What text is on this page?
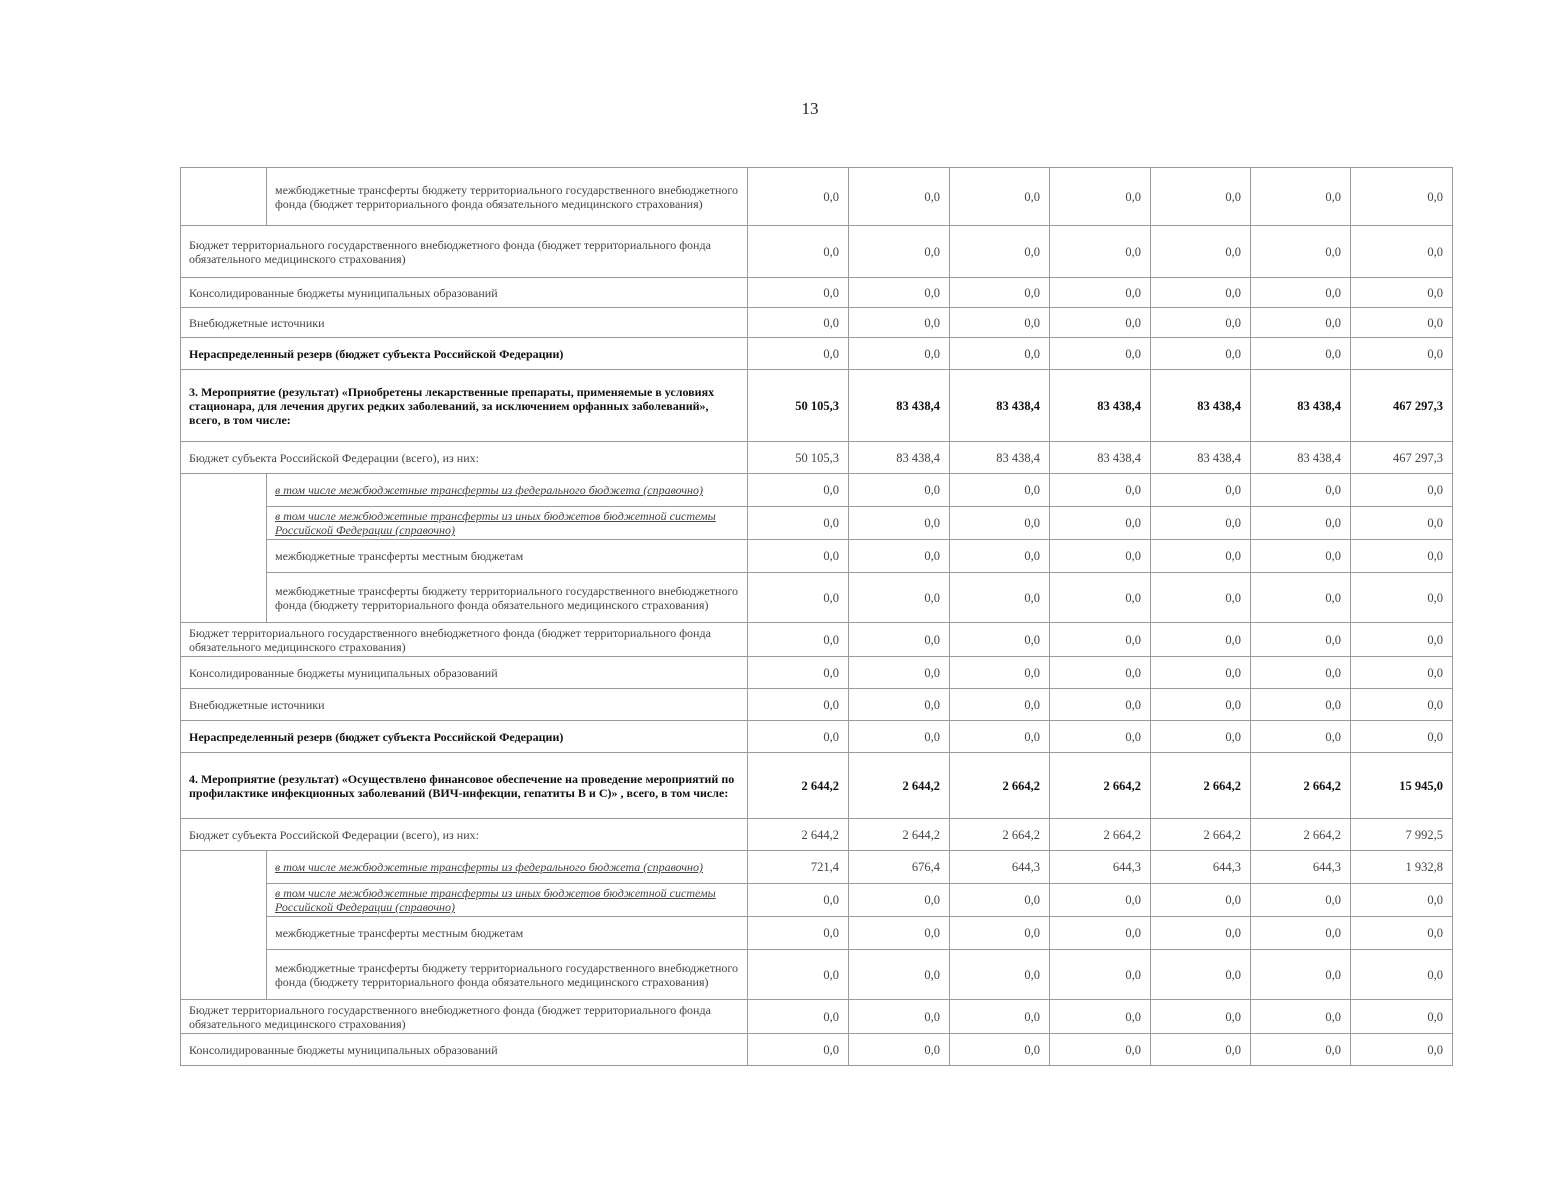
13
	межбюджетные трансферты бюджету территориального государственного внебюджетного фонда (бюджет территориального фонда обязательного медицинского страхования)	0,0	0,0	0,0	0,0	0,0	0,0	0,0
Бюджет территориального государственного внебюджетного фонда (бюджет территориального фонда обязательного медицинского страхования)		0,0	0,0	0,0	0,0	0,0	0,0	0,0
Консолидированные бюджеты муниципальных образований		0,0	0,0	0,0	0,0	0,0	0,0	0,0
Внебюджетные источники		0,0	0,0	0,0	0,0	0,0	0,0	0,0
Нераспределенный резерв (бюджет субъекта Российской Федерации)		0,0	0,0	0,0	0,0	0,0	0,0	0,0
3. Мероприятие (результат) «Приобретены лекарственные препараты, применяемые в условиях стационара, для лечения других редких заболеваний, за исключением орфанных заболеваний», всего, в том числе:		50 105,3	83 438,4	83 438,4	83 438,4	83 438,4	83 438,4	467 297,3
Бюджет субъекта Российской Федерации (всего), из них:		50 105,3	83 438,4	83 438,4	83 438,4	83 438,4	83 438,4	467 297,3
	в том числе межбюджетные трансферты из федерального бюджета (справочно)	0,0	0,0	0,0	0,0	0,0	0,0	0,0
	в том числе межбюджетные трансферты из иных бюджетов бюджетной системы Российской Федерации (справочно)	0,0	0,0	0,0	0,0	0,0	0,0	0,0
	межбюджетные трансферты местным бюджетам	0,0	0,0	0,0	0,0	0,0	0,0	0,0
	межбюджетные трансферты бюджету территориального государственного внебюджетного фонда (бюджету территориального фонда обязательного медицинского страхования)	0,0	0,0	0,0	0,0	0,0	0,0	0,0
Бюджет территориального государственного внебюджетного фонда (бюджет территориального фонда обязательного медицинского страхования)		0,0	0,0	0,0	0,0	0,0	0,0	0,0
Консолидированные бюджеты муниципальных образований		0,0	0,0	0,0	0,0	0,0	0,0	0,0
Внебюджетные источники		0,0	0,0	0,0	0,0	0,0	0,0	0,0
Нераспределенный резерв (бюджет субъекта Российской Федерации)		0,0	0,0	0,0	0,0	0,0	0,0	0,0
4. Мероприятие (результат) «Осуществлено финансовое обеспечение на проведение мероприятий по профилактике инфекционных заболеваний (ВИЧ-инфекции, гепатиты В и С)» , всего, в том числе:		2 644,2	2 644,2	2 664,2	2 664,2	2 664,2	2 664,2	15 945,0
Бюджет субъекта Российской Федерации (всего), из них:		2 644,2	2 644,2	2 664,2	2 664,2	2 664,2	2 664,2	7 992,5
	в том числе межбюджетные трансферты из федерального бюджета (справочно)	721,4	676,4	644,3	644,3	644,3	644,3	1 932,8
	в том числе межбюджетные трансферты из иных бюджетов бюджетной системы Российской Федерации (справочно)	0,0	0,0	0,0	0,0	0,0	0,0	0,0
	межбюджетные трансферты местным бюджетам	0,0	0,0	0,0	0,0	0,0	0,0	0,0
	межбюджетные трансферты бюджету территориального государственного внебюджетного фонда (бюджету территориального фонда обязательного медицинского страхования)	0,0	0,0	0,0	0,0	0,0	0,0	0,0
Бюджет территориального государственного внебюджетного фонда (бюджет территориального фонда обязательного медицинского страхования)		0,0	0,0	0,0	0,0	0,0	0,0	0,0
Консолидированные бюджеты муниципальных образований		0,0	0,0	0,0	0,0	0,0	0,0	0,0
